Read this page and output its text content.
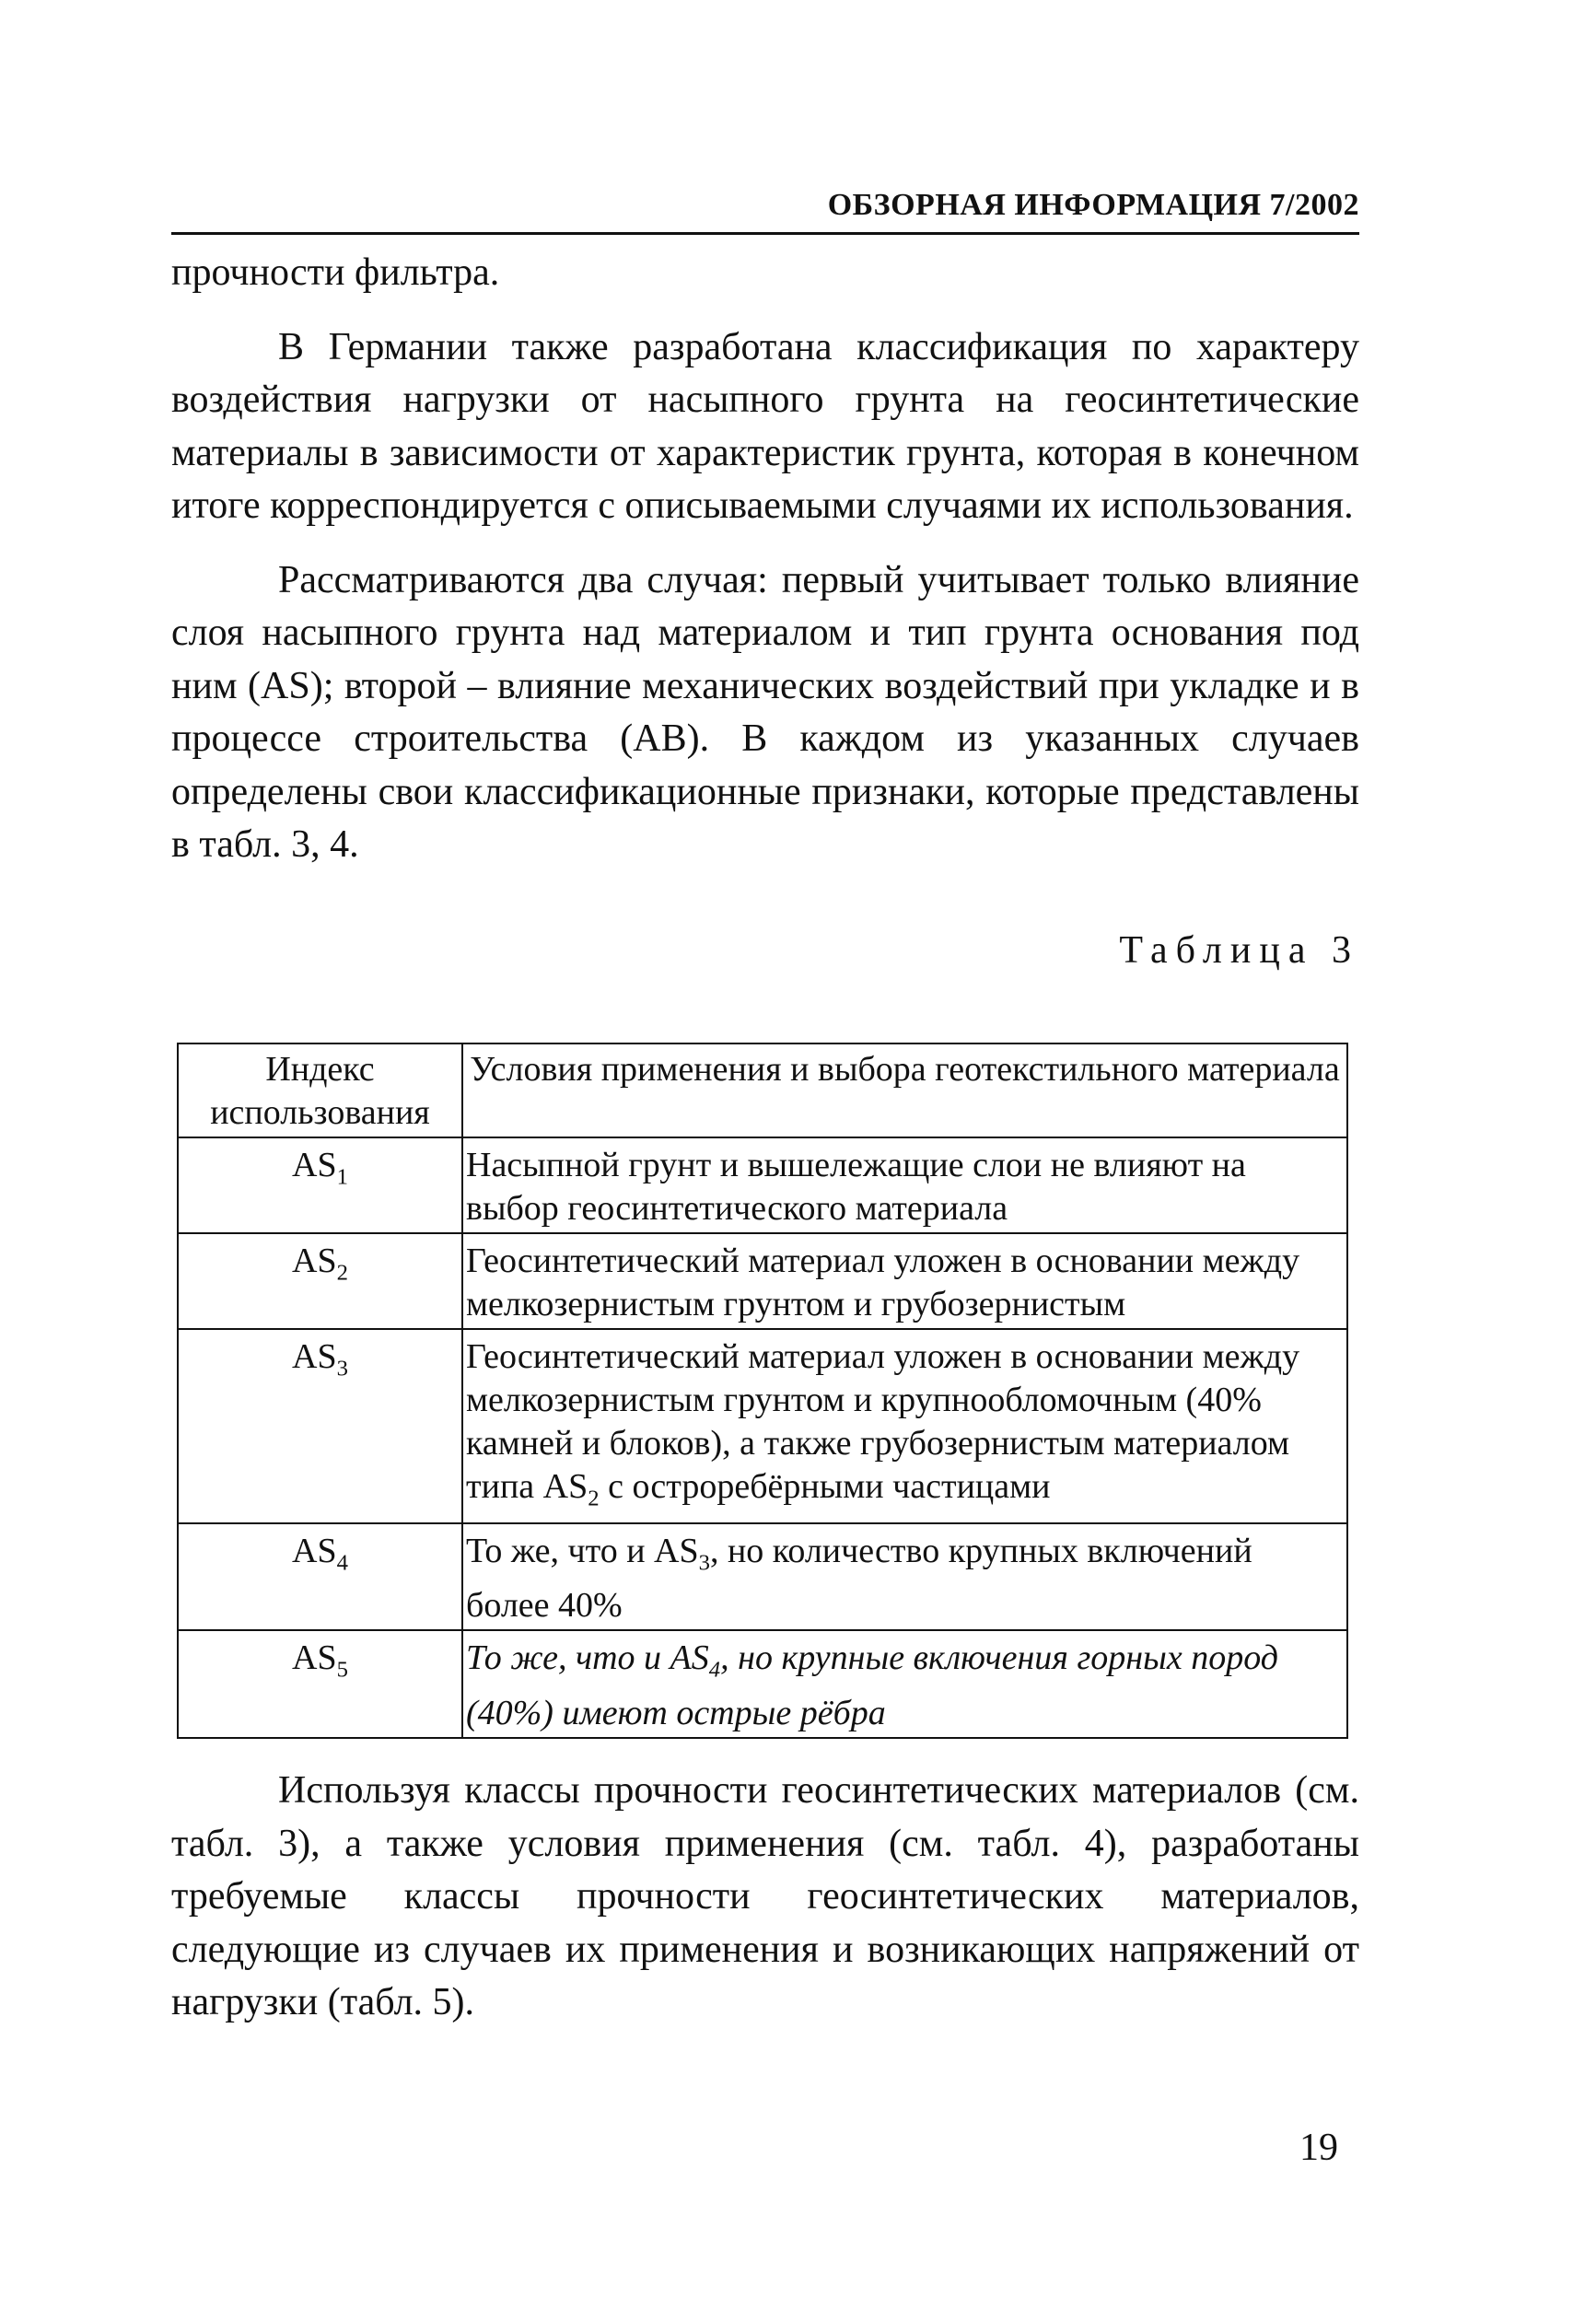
ОБЗОРНАЯ ИНФОРМАЦИЯ 7/2002

прочности фильтра.

В Германии также разработана классификация по характеру воздействия нагрузки от насыпного грунта на геосинтетические материалы в зависимости от характеристик грунта, которая в конечном итоге корреспондируется с описываемыми случаями их использования.

Рассматриваются два случая: первый учитывает только влияние слоя насыпного грунта над материалом и тип грунта основания под ним (AS); второй – влияние механических воздействий при укладке и в процессе строительства (AB). В каждом из указанных случаев определены свои классификационные признаки, которые представлены в табл. 3, 4.

Таблица 3
Индекс использования	Условия применения и выбора геотекстильного материала
$AS_1$	Насыпной грунт и вышележащие слои не влияют на выбор геосинтетического материала
$AS_2$	Геосинтетический материал уложен в основании между мелкозернистым грунтом и грубозернистым
$AS_3$	Геосинтетический материал уложен в основании между мелкозернистым грунтом и крупнообломочным (40% камней и блоков), а также грубозернистым материалом типа $AS_2$ с остроребёрными частицами
$AS_4$	То же, что и $AS_3$, но количество крупных включений более 40%
$AS_5$	То же, что и $AS_4$, но крупные включения горных пород (40%) имеют острые рёбра

Используя классы прочности геосинтетических материалов (см. табл. 3), а также условия применения (см. табл. 4), разработаны требуемые классы прочности геосинтетических материалов, следующие из случаев их применения и возникающих напряжений от нагрузки (табл. 5).

19
